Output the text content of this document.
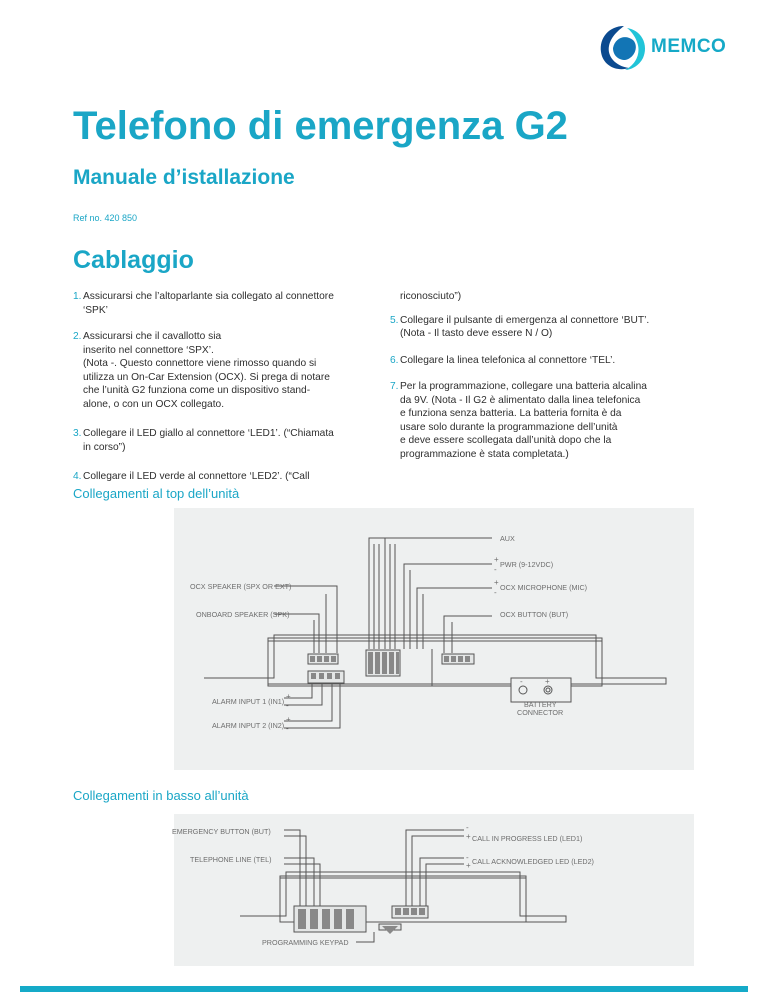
MEMCO
Telefono di emergenza G2
Manuale d’istallazione
Ref no. 420 850
Cablaggio
1. Assicurarsi che l’altoparlante sia collegato al connettore
‘SPK’
2. Assicurarsi che il cavallotto sia
inserito nel connettore ‘SPX’.
(Nota -. Questo connettore viene rimosso quando si
utilizza un On-Car Extension (OCX). Si prega di notare
che l’unità G2 funziona come un dispositivo stand-
alone, o con un OCX collegato.
3. Collegare il LED giallo al connettore ‘LED1’. (“Chiamata
in corso”)
4. Collegare il LED verde al connettore ‘LED2’. (“Call
riconosciuto”)
5. Collegare il pulsante di emergenza al connettore ‘BUT’.
(Nota - Il tasto deve essere N / O)
6. Collegare la linea telefonica al connettore ‘TEL’.
7. Per la programmazione, collegare una batteria alcalina
da 9V. (Nota - Il G2 è alimentato dalla linea telefonica
e funziona senza batteria. La batteria fornita è da
usare solo durante la programmazione dell’unità
e deve essere scollegata dall’unità dopo che la
programmazione è stata completata.)
Collegamenti al top dell’unità
AUX
+
PWR (9-12VDC)
-
OCX SPEAKER (SPX OR EXT)	+
OCX MICROPHONE (MIC)
-
ONBOARD SPEAKER (SPK)	OCX BUTTON (BUT)
ALARM INPUT 1 (IN1)
+
-
ALARM INPUT 2 (IN2)
+
-
-	+
BATTERY
CONNECTOR
Collegamenti in basso all’unità
EMERGENCY BUTTON (BUT)
TELEPHONE LINE (TEL)
-
+ CALL IN PROGRESS LED (LED1)
-
+ CALL ACKNOWLEDGED LED (LED2)
PROGRAMMING KEYPAD
